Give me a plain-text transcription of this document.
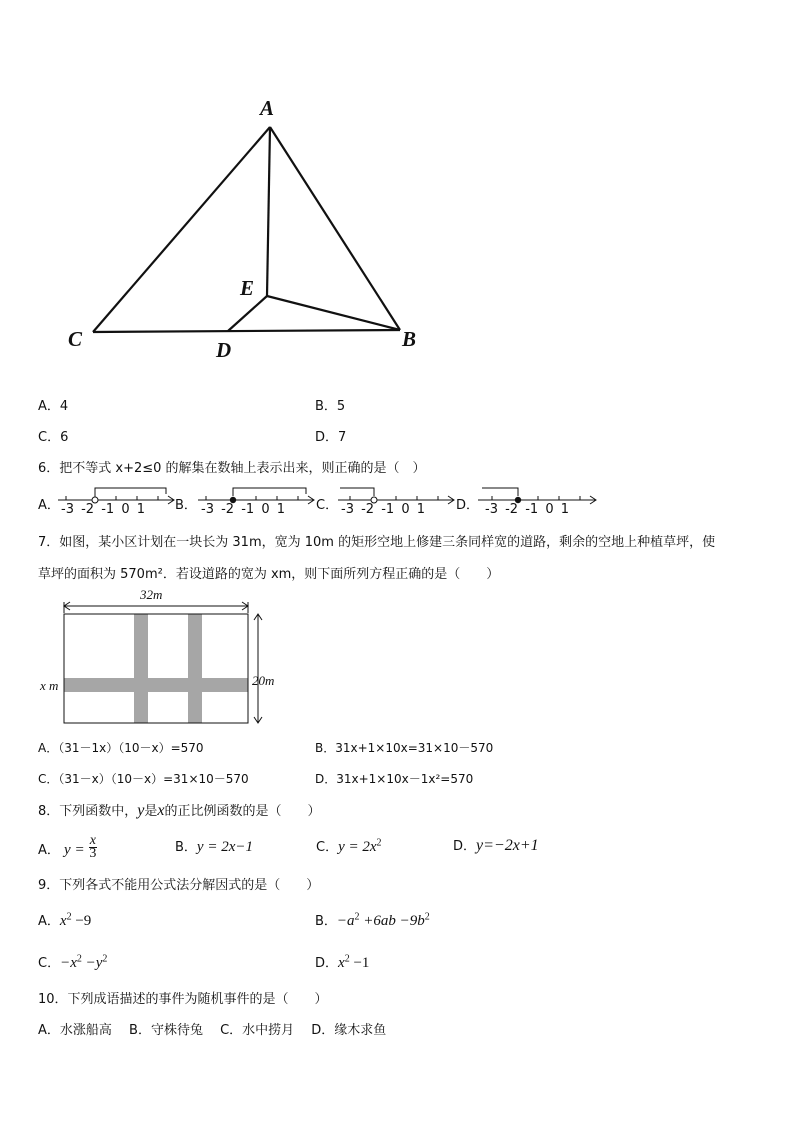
A
E
C	D	B
A．4	B．5
C．6	D．7
6．把不等式 x+2≤0 的解集在数轴上表示出来，则正确的是（　）
A．	B．	C．	D．
-3 -2 -1 0 1	-3 -2 -1 0 1	-3 -2 -1 0 1	-3 -2 -1 0 1
7．如图，某小区计划在一块长为 31m，宽为 10m 的矩形空地上修建三条同样宽的道路，剩余的空地上种植草坪，使
草坪的面积为 570m²．若设道路的宽为 xm，则下面所列方程正确的是（　　）
32m
20m
x m
A．（31－1x）（10－x）=570	B．31x+1×10x=31×10－570
C．（31－x）（10－x）=31×10－570	D．31x+1×10x－1x²=570
8．下列函数中，y是x的正比例函数的是（　　）
A． $y = \frac{x}{3}$	B．y = 2x−1	C．$y = 2x^2$	D．y=−2x+1
9．下列各式不能用公式法分解因式的是（　　）
A．$x^2 -9$	B．$-a^2 +6ab -9b^2$
C．$-x^2 -y^2$	D．$x^2 -1$
10．下列成语描述的事件为随机事件的是（　　）
A．水涨船高　 B．守株待兔　 C．水中捞月　 D．缘木求鱼
